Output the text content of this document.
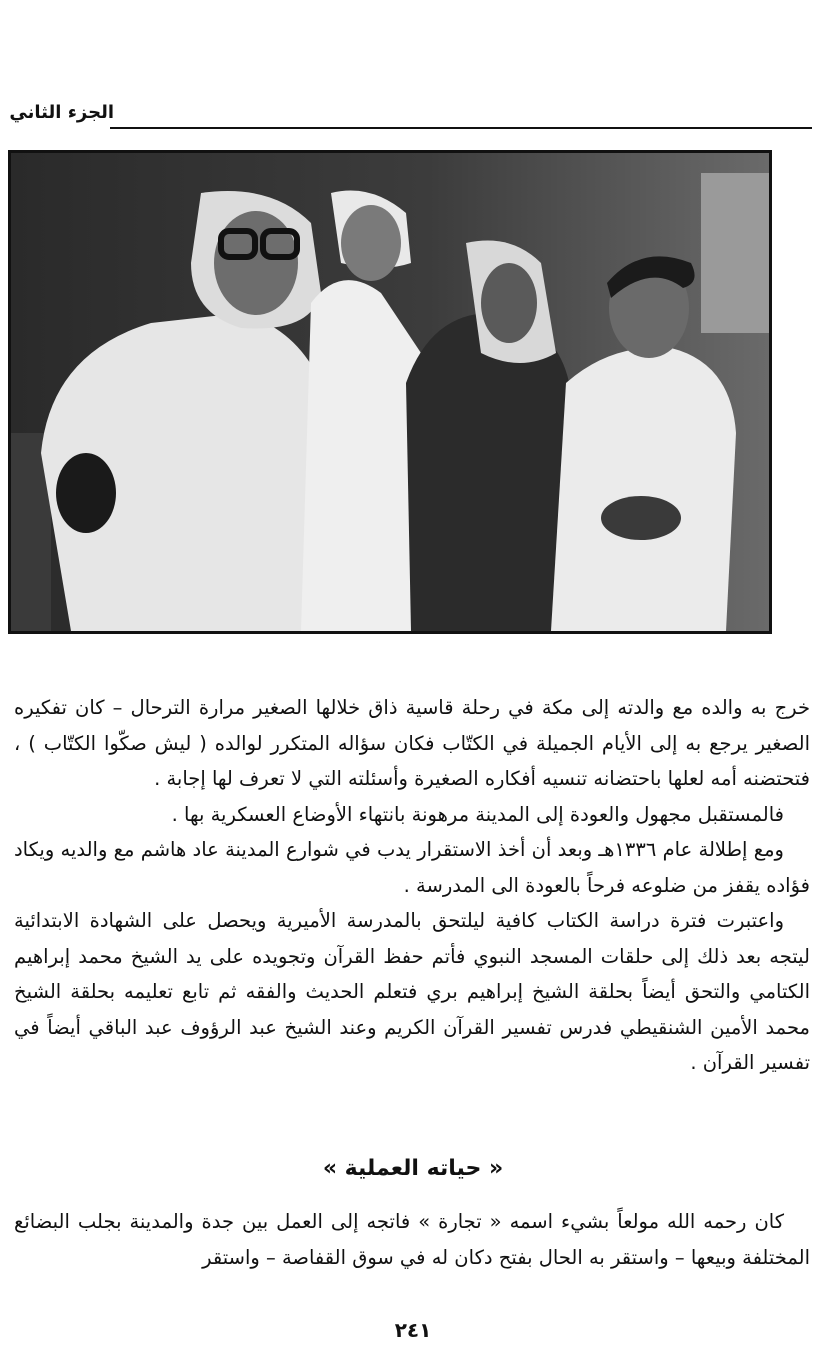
الجزء الثاني

خرج به والده مع والدته إلى مكة في رحلة قاسية ذاق خلالها الصغير مرارة الترحال – كان تفكيره الصغير يرجع به إلى الأيام الجميلة في الكتّاب فكان سؤاله المتكرر لوالده ( ليش صكّوا الكتّاب ) ، فتحتضنه أمه لعلها باحتضانه تنسيه أفكاره الصغيرة وأسئلته التي لا تعرف لها إجابة .

فالمستقبل مجهول والعودة إلى المدينة مرهونة بانتهاء الأوضاع العسكرية بها .

ومع إطلالة عام ١٣٣٦هـ وبعد أن أخذ الاستقرار يدب في شوارع المدينة عاد هاشم مع والديه ويكاد فؤاده يقفز من ضلوعه فرحاً بالعودة الى المدرسة .

واعتبرت فترة دراسة الكتاب كافية ليلتحق بالمدرسة الأميرية ويحصل على الشهادة الابتدائية ليتجه بعد ذلك إلى حلقات المسجد النبوي فأتم حفظ القرآن وتجويده على يد الشيخ محمد إبراهيم الكتامي والتحق أيضاً بحلقة الشيخ إبراهيم بري فتعلم الحديث والفقه ثم تابع تعليمه بحلقة الشيخ محمد الأمين الشنقيطي فدرس تفسير القرآن الكريم وعند الشيخ عبد الرؤوف عبد الباقي أيضاً في تفسير القرآن .

« حياته العملية »

كان رحمه الله مولعاً بشيء اسمه « تجارة » فاتجه إلى العمل بين جدة والمدينة بجلب البضائع المختلفة وبيعها – واستقر به الحال بفتح دكان له في سوق القفاصة – واستقر

٢٤١
